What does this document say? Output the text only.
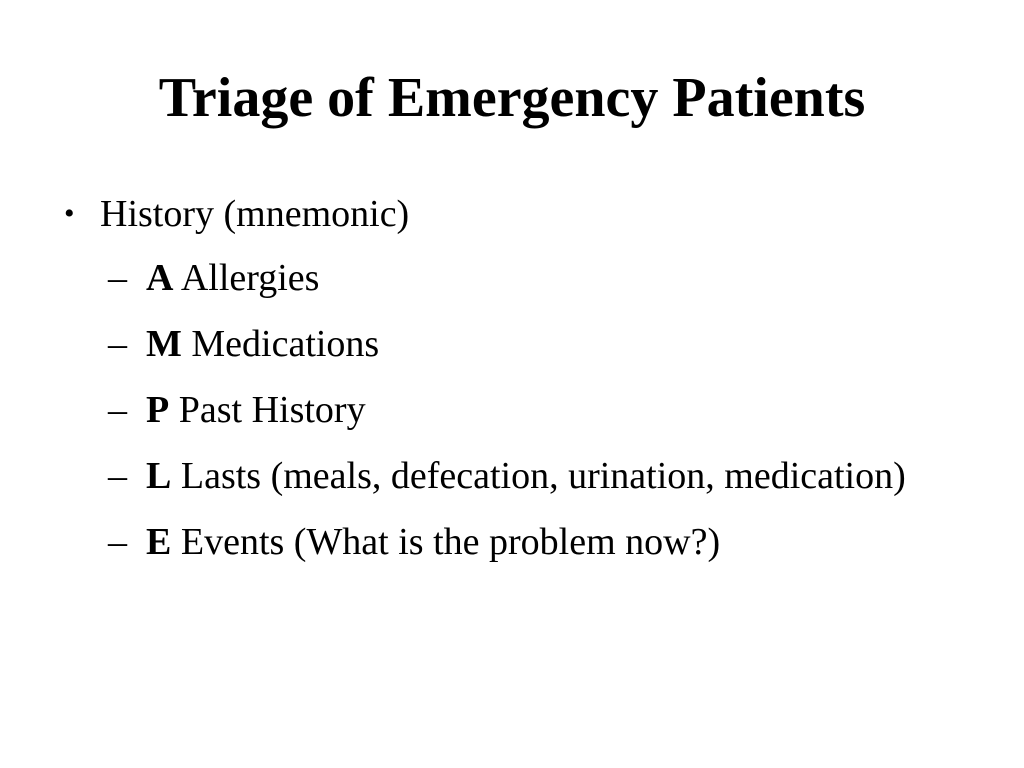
Triage of Emergency Patients
• History (mnemonic)
– A Allergies
– M Medications
– P Past History
– L Lasts (meals, defecation, urination, medication)
– E Events (What is the problem now?)
